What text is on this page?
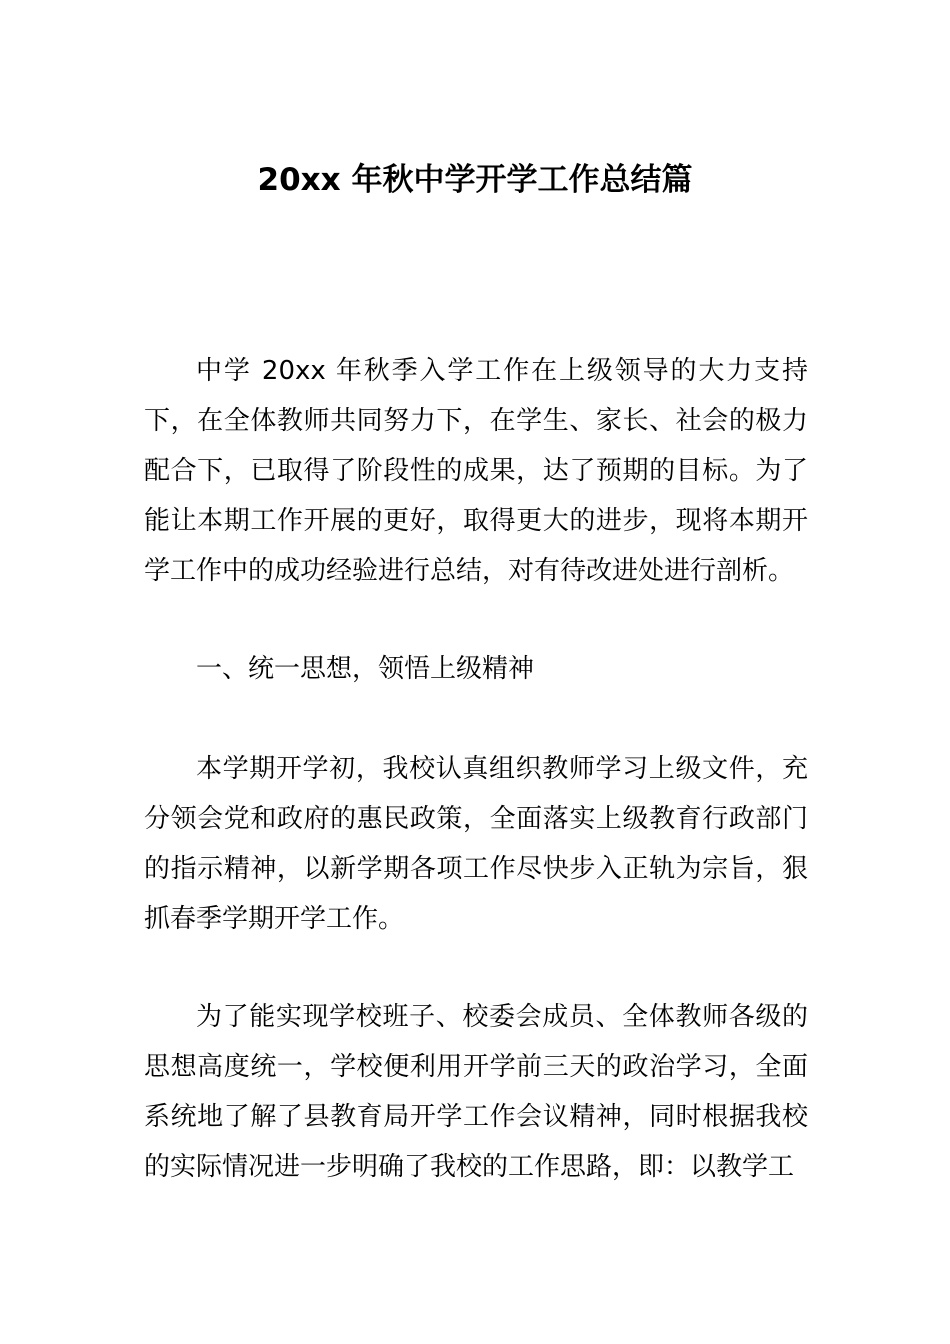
20xx 年秋中学开学工作总结篇

中学 20xx 年秋季入学工作在上级领导的大力支持下，在全体教师共同努力下，在学生、家长、社会的极力配合下，已取得了阶段性的成果，达了预期的目标。为了能让本期工作开展的更好，取得更大的进步，现将本期开学工作中的成功经验进行总结，对有待改进处进行剖析。

一、统一思想，领悟上级精神

本学期开学初，我校认真组织教师学习上级文件，充分领会党和政府的惠民政策，全面落实上级教育行政部门的指示精神，以新学期各项工作尽快步入正轨为宗旨，狠抓春季学期开学工作。

为了能实现学校班子、校委会成员、全体教师各级的思想高度统一，学校便利用开学前三天的政治学习，全面系统地了解了县教育局开学工作会议精神，同时根据我校的实际情况进一步明确了我校的工作思路，即：以教学工
